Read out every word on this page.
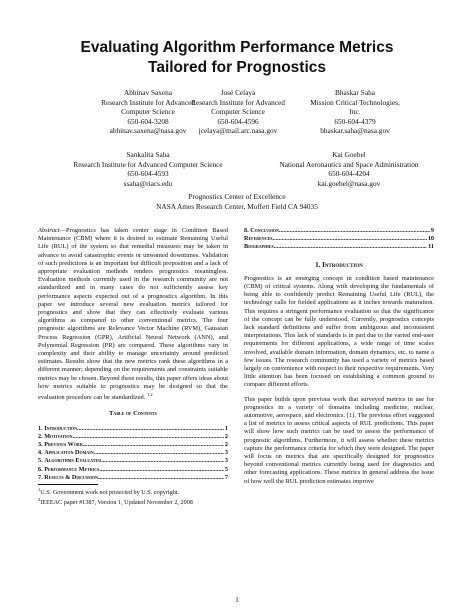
Evaluating Algorithm Performance Metrics
Tailored for Prognostics
Abhinav Saxena
Research Institute for Advanced
Computer Science
650-604-3208
abhinav.saxena@nasa.gov
José Celaya
Research Institute for Advanced
Computer Science
650-604-4596
jcelaya@mail.arc.nasa.gov
Bhaskar Saha
Mission Critical Technologies,
Inc.
650-604-4379
bhaskar.saha@nasa.gov
Sankalita Saha
Research Institute for Advanced Computer Science
650-604-4593
ssaha@riacs.edu
Kai Goebel
National Aeronautics and Space Administration
650-604-4204
kai.goebel@nasa.gov
Prognostics Center of Excellence
NASA Ames Research Center, Moffett Field CA 94035

Abstract—Prognostics has taken center stage in Condition Based Maintenance (CBM) where it is desired to estimate Remaining Useful Life (RUL) of the system so that remedial measures may be taken in advance to avoid catastrophic events or unwanted downtimes. Validation of such predictions is an important but difficult proposition and a lack of appropriate evaluation methods renders prognostics meaningless. Evaluation methods currently used in the research community are not standardized and in many cases do not sufficiently assess key performance aspects expected out of a prognostics algorithm. In this paper we introduce several new evaluation metrics tailored for prognostics and show that they can effectively evaluate various algorithms as compared to other conventional metrics. The four prognostic algorithms are Relevance Vector Machine (RVM), Gaussian Process Regression (GPR), Artificial Neural Network (ANN), and Polynomial Regression (PR) are compared. These algorithms vary in complexity and their ability to manage uncertainty around predicted estimates. Results show that the new metrics rank these algorithms in a different manner; depending on the requirements and constraints suitable metrics may be chosen. Beyond these results, this paper offers ideas about how metrics suitable to prognostics may be designed so that the evaluation procedure can be standardized. $^{1 2}$

Table of Contents
1. Introduction .....	1
2. Motivation .....	2
3. Previous Work .....	2
4. Application Domain .....	3
5. Algorithms Evaluated .....	3
6. Performance Metrics .....	5
7. Results & Discussion .....	7
$^1$U.S. Government work not protected by U.S. copyright.
$^2$IEEEAC paper #1387, Version 1, Updated November 2, 2008
8. Conclusion .....	9
References .....	10
Biographies .....	11
1. Introduction

Prognostics is an emerging concept in condition based maintenance (CBM) of critical systems. Along with developing the fundamentals of being able to confidently predict Remaining Useful Life (RUL), the technology calls for fielded applications as it inches towards maturation. This requires a stringent performance evaluation so that the significance of the concept can be fully understood. Currently, prognostics concepts lack standard definitions and suffer from ambiguous and inconsistent interpretations. This lack of standards is in part due to the varied end-user requirements for different applications, a wide range of time scales involved, available domain information, domain dynamics, etc. to name a few issues. The research community has used a variety of metrics based largely on convenience with respect to their respective requirements. Very little attention has been focused on establishing a common ground to compare different efforts.

This paper builds upon previous work that surveyed metrics in use for prognostics in a variety of domains including medicine, nuclear, automotive, aerospace, and electronics. [1]. The previous effort suggested a list of metrics to assess critical aspects of RUL predictions. This paper will show how such metrics can be used to assess the performance of prognostic algorithms. Furthermore, it will assess whether these metrics capture the performance criteria for which they were designed. The paper will focus on metrics that are specifically designed for prognostics beyond conventional metrics currently being used for diagnostics and other forecasting applications. These metrics in general address the issue of how well the RUL prediction estimates improve

1
